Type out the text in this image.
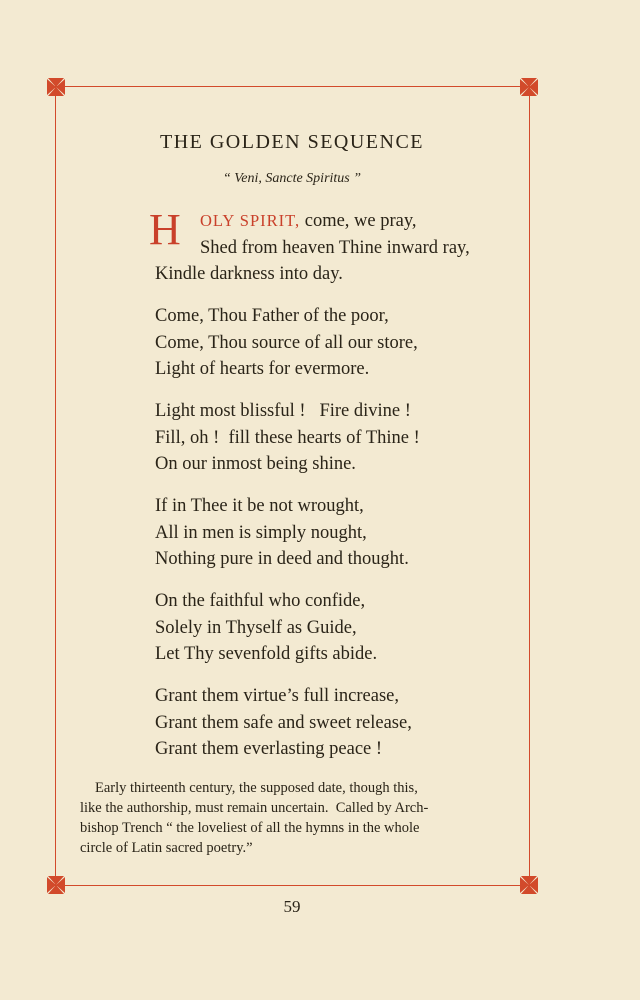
THE GOLDEN SEQUENCE
“ Veni, Sancte Spiritus ”
H OLY SPIRIT, come, we pray,
Shed from heaven Thine inward ray,
Kindle darkness into day.
Come, Thou Father of the poor,
Come, Thou source of all our store,
Light of hearts for evermore.
Light most blissful !   Fire divine !
Fill, oh !  fill these hearts of Thine !
On our inmost being shine.
If in Thee it be not wrought,
All in men is simply nought,
Nothing pure in deed and thought.
On the faithful who confide,
Solely in Thyself as Guide,
Let Thy sevenfold gifts abide.
Grant them virtue’s full increase,
Grant them safe and sweet release,
Grant them everlasting peace !
Early thirteenth century, the supposed date, though this,
like the authorship, must remain uncertain.  Called by Arch-
bishop Trench “ the loveliest of all the hymns in the whole
circle of Latin sacred poetry.”
59
